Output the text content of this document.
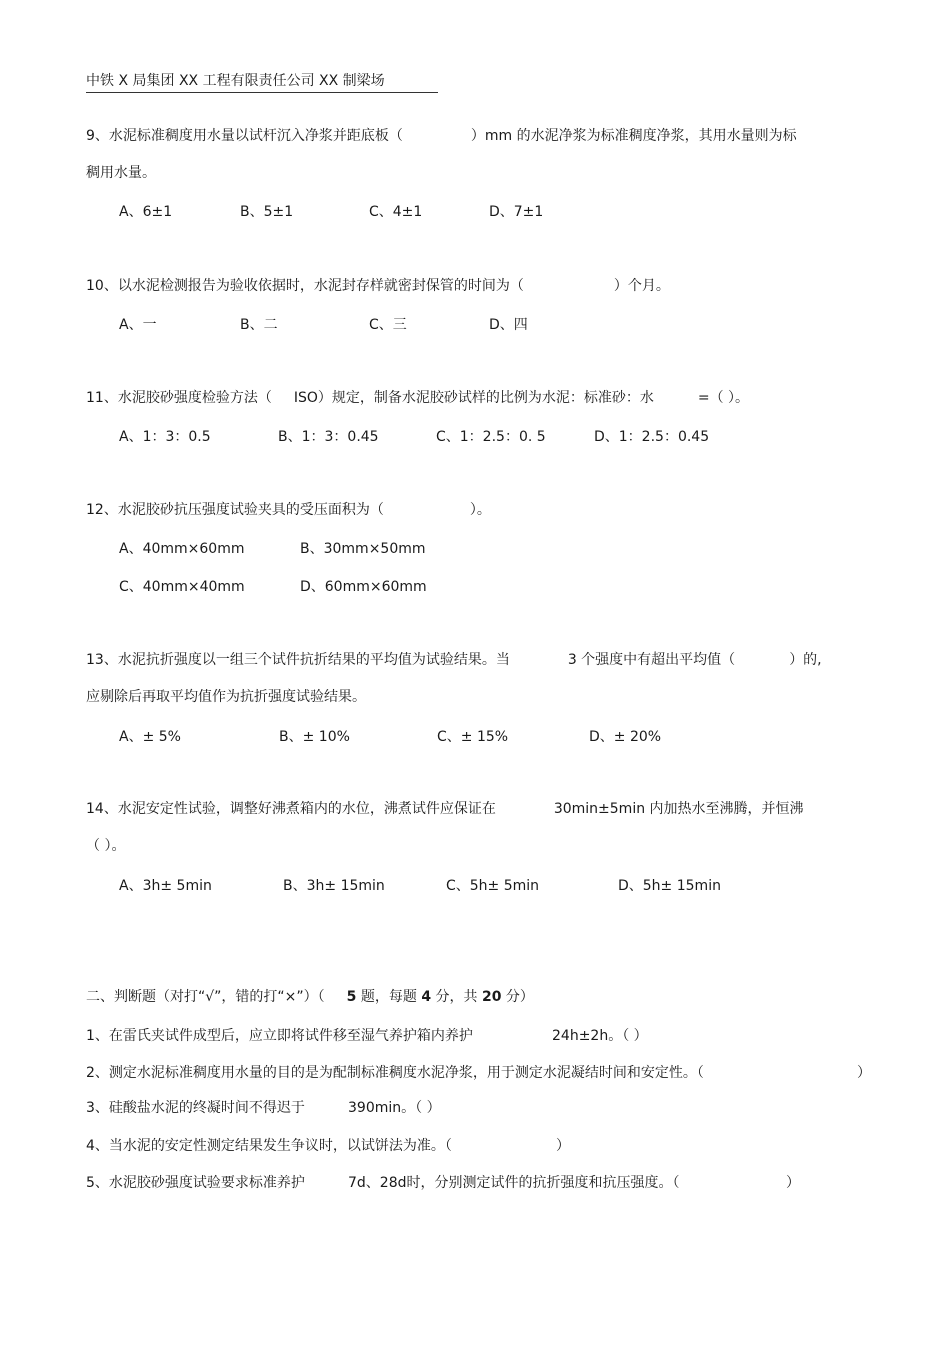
中铁 X 局集团 XX 工程有限责任公司 XX 制梁场
9、水泥标准稠度用水量以试杆沉入净浆并距底板（	）mm 的水泥净浆为标准稠度净浆，其用水量则为标
稠用水量。
A、6±1	B、5±1	C、4±1	D、7±1
10、以水泥检测报告为验收依据时，水泥封存样就密封保管的时间为（	）个月。
A、一	B、二	C、三	D、四
11、水泥胶砂强度检验方法（ ISO）规定，制备水泥胶砂试样的比例为水泥：标准砂：水	=（ ）。
A、1：3：0.5	B、1：3：0.45	C、1：2.5：0. 5	D、1：2.5：0.45
12、水泥胶砂抗压强度试验夹具的受压面积为（	）。
A、40mm×60mm	B、30mm×50mm
C、40mm×40mm	D、60mm×60mm
13、水泥抗折强度以一组三个试件抗折结果的平均值为试验结果。当	3 个强度中有超出平均值（	）的,
应剔除后再取平均值作为抗折强度试验结果。
A、± 5%	B、± 10%	C、± 15%	D、± 20%
14、水泥安定性试验，调整好沸煮箱内的水位，沸煮试件应保证在	30min±5min 内加热水至沸腾，并恒沸
（ ）。
A、3h± 5min	B、3h± 15min	C、5h± 5min	D、5h± 15min
二、判断题（对打“√”，错的打“×”）（ 5 题，每题 4 分，共 20 分）
1、在雷氏夹试件成型后，应立即将试件移至湿气养护箱内养护	24h±2h。（ ）
2、测定水泥标准稠度用水量的目的是为配制标准稠度水泥净浆，用于测定水泥凝结时间和安定性。（	）
3、硅酸盐水泥的终凝时间不得迟于	390min。（ ）
4、当水泥的安定性测定结果发生争议时，以试饼法为准。（	）
5、水泥胶砂强度试验要求标准养护	7d、28d时，分别测定试件的抗折强度和抗压强度。（	）
